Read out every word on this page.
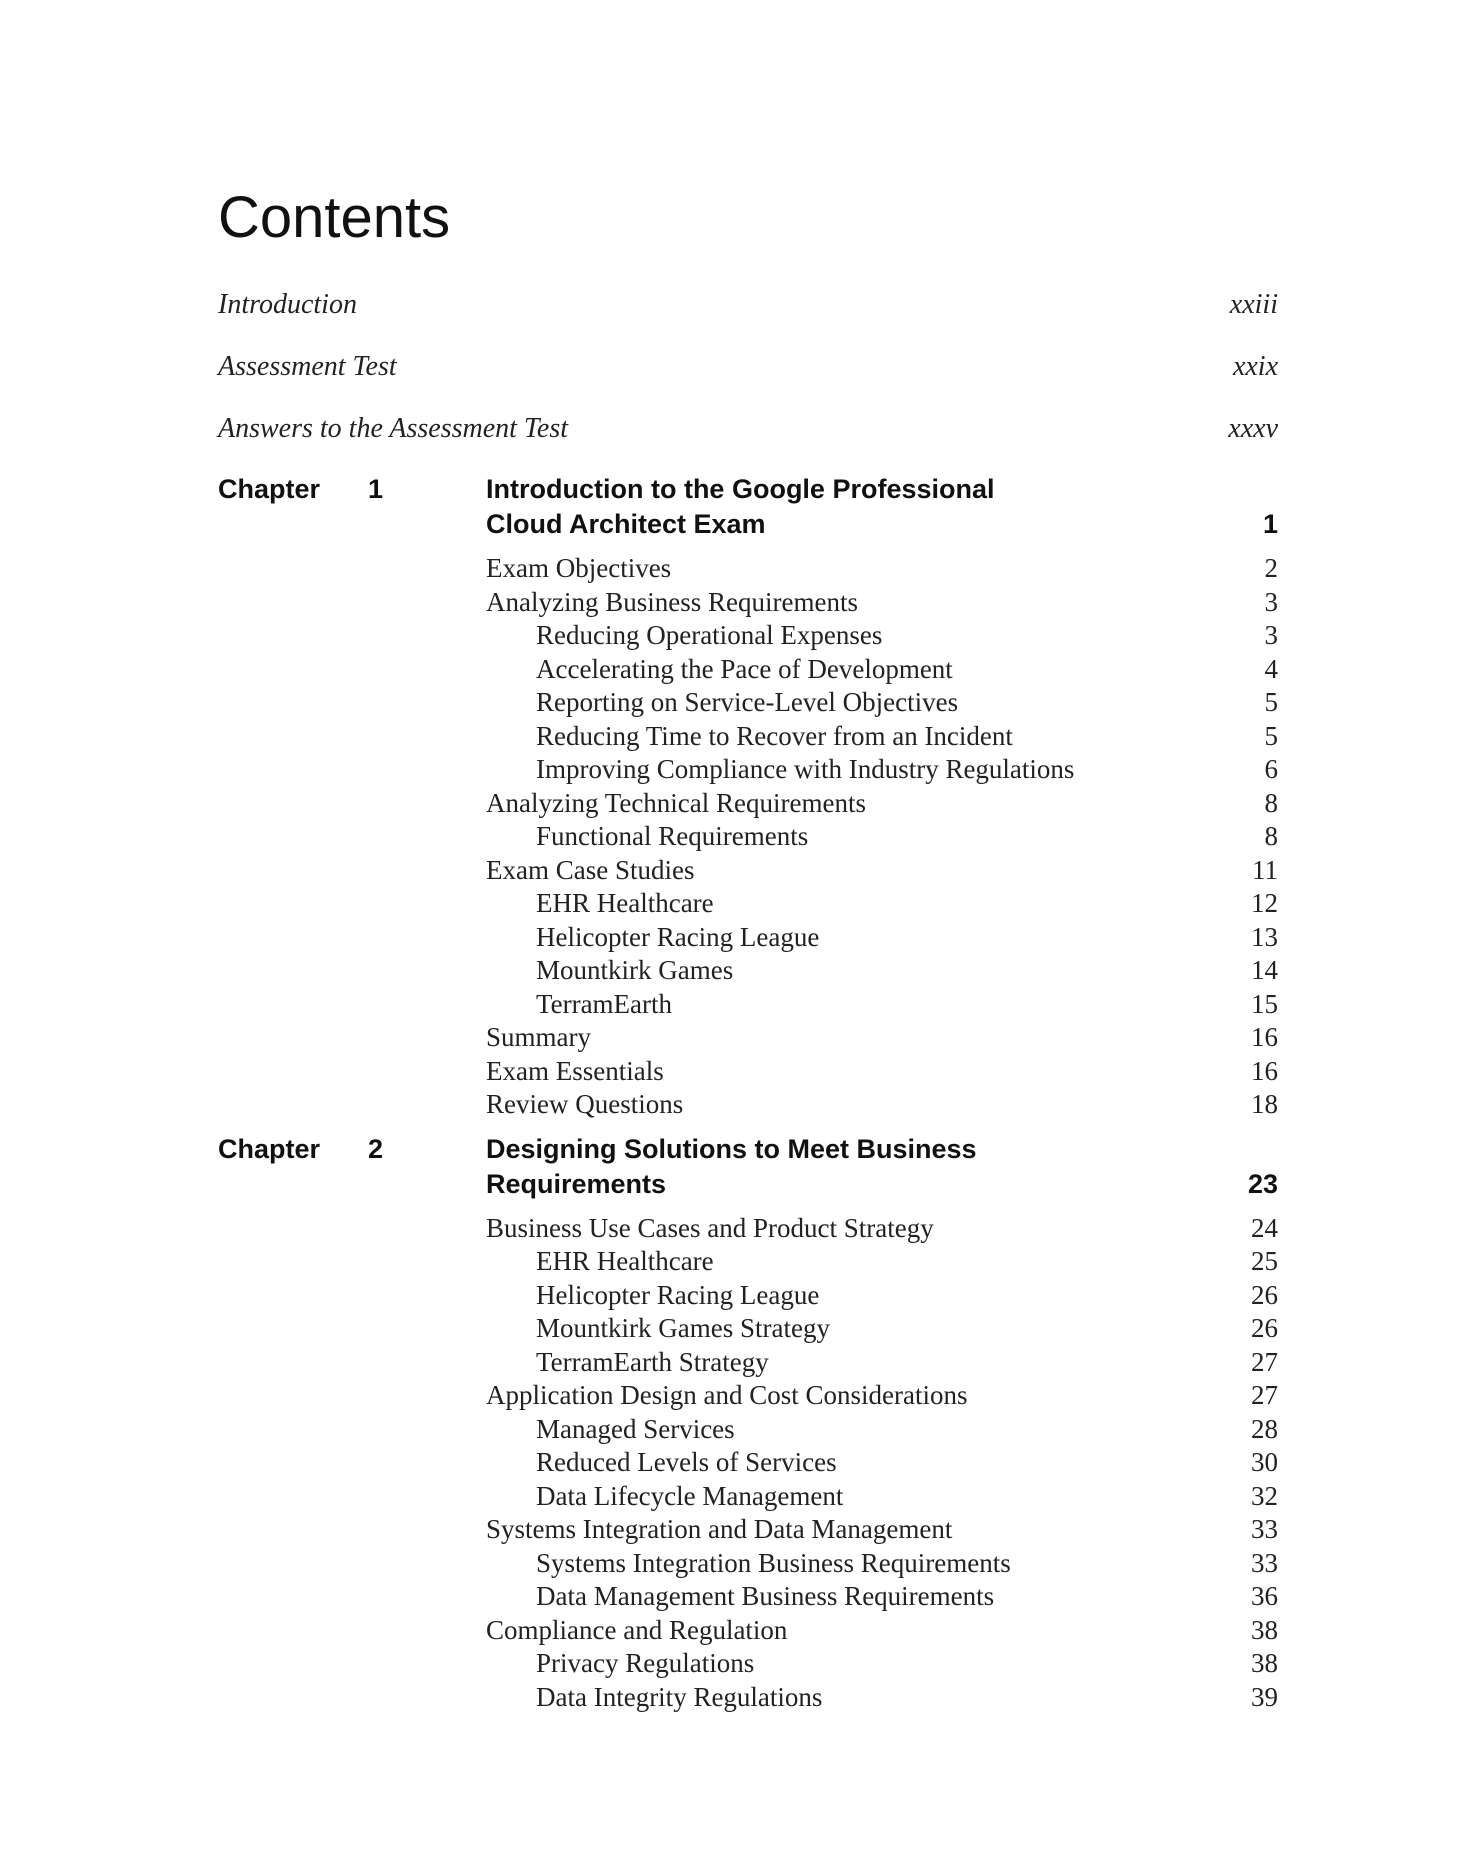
Contents
Introduction	xxiii
Assessment Test	xxix
Answers to the Assessment Test	xxxv
Chapter 1	Introduction to the Google Professional
Cloud Architect Exam	1
Exam Objectives	2
Analyzing Business Requirements	3
Reducing Operational Expenses	3
Accelerating the Pace of Development	4
Reporting on Service-Level Objectives	5
Reducing Time to Recover from an Incident	5
Improving Compliance with Industry Regulations	6
Analyzing Technical Requirements	8
Functional Requirements	8
Exam Case Studies	11
EHR Healthcare	12
Helicopter Racing League	13
Mountkirk Games	14
TerramEarth	15
Summary	16
Exam Essentials	16
Review Questions	18
Chapter 2	Designing Solutions to Meet Business
Requirements	23
Business Use Cases and Product Strategy	24
EHR Healthcare	25
Helicopter Racing League	26
Mountkirk Games Strategy	26
TerramEarth Strategy	27
Application Design and Cost Considerations	27
Managed Services	28
Reduced Levels of Services	30
Data Lifecycle Management	32
Systems Integration and Data Management	33
Systems Integration Business Requirements	33
Data Management Business Requirements	36
Compliance and Regulation	38
Privacy Regulations	38
Data Integrity Regulations	39
